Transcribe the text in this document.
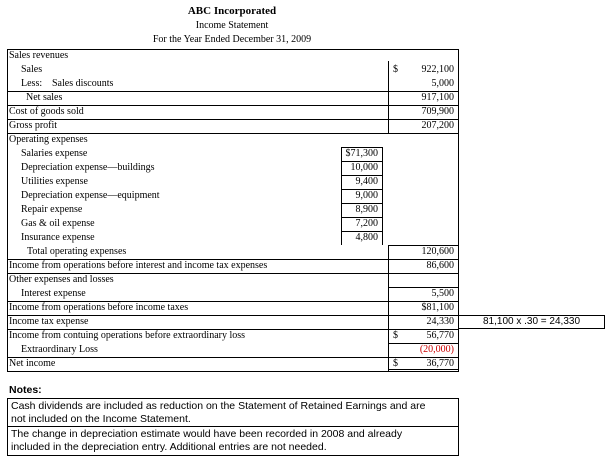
ABC Incorporated
Income Statement
For the Year Ended December 31, 2009
Sales revenues
Sales	$	922,100
Less: Sales discounts	5,000
Net sales	917,100
Cost of goods sold	709,900
Gross profit	207,200
Operating expenses
Salaries expense	$71,300
Depreciation expense—buildings	10,000
Utilities expense	9,400
Depreciation expense—equipment	9,000
Repair expense	8,900
Gas & oil expense	7,200
Insurance expense	4,800
Total operating expenses	120,600
Income from operations before interest and income tax expenses	86,600
Other expenses and losses
Interest expense	5,500
Income from operations before income taxes	$81,100
Income tax expense	24,330
Income from contuing operations before extraordinary loss	$	56,770
Extraordinary Loss	(20,000)
Net income	$	36,770
81,100 x .30 = 24,330
Notes:
Cash dividends are included as reduction on the Statement of Retained Earnings and are
not included on the Income Statement.
The change in depreciation estimate would have been recorded in 2008 and already
included in the depreciation entry. Additional entries are not needed.
